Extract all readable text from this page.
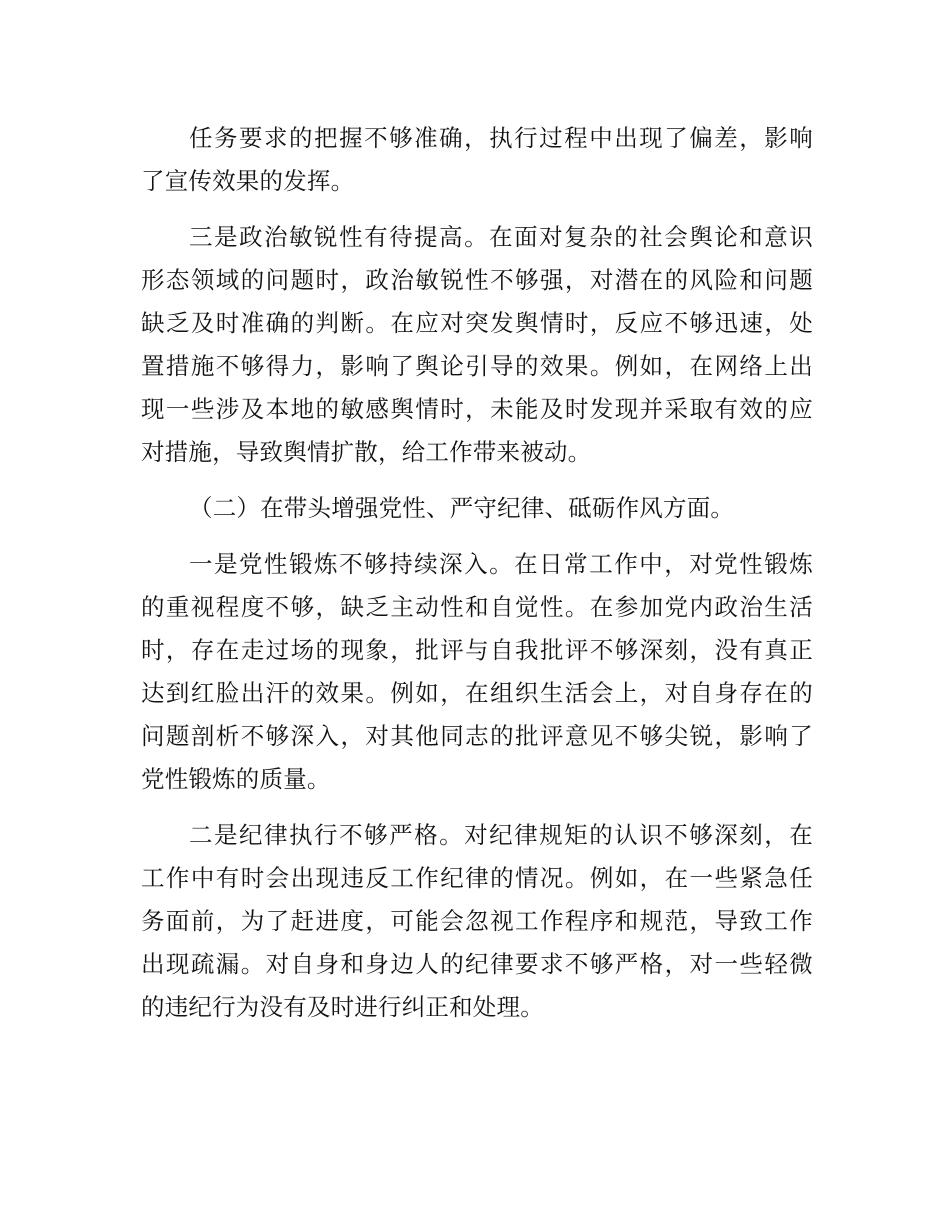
任务要求的把握不够准确，执行过程中出现了偏差，影响
了宣传效果的发挥。
三是政治敏锐性有待提高。在面对复杂的社会舆论和意识
形态领域的问题时，政治敏锐性不够强，对潜在的风险和问题
缺乏及时准确的判断。在应对突发舆情时，反应不够迅速，处
置措施不够得力，影响了舆论引导的效果。例如，在网络上出
现一些涉及本地的敏感舆情时，未能及时发现并采取有效的应
对措施，导致舆情扩散，给工作带来被动。
（二）在带头增强党性、严守纪律、砥砺作风方面。
一是党性锻炼不够持续深入。在日常工作中，对党性锻炼
的重视程度不够，缺乏主动性和自觉性。在参加党内政治生活
时，存在走过场的现象，批评与自我批评不够深刻，没有真正
达到红脸出汗的效果。例如，在组织生活会上，对自身存在的
问题剖析不够深入，对其他同志的批评意见不够尖锐，影响了
党性锻炼的质量。
二是纪律执行不够严格。对纪律规矩的认识不够深刻，在
工作中有时会出现违反工作纪律的情况。例如，在一些紧急任
务面前，为了赶进度，可能会忽视工作程序和规范，导致工作
出现疏漏。对自身和身边人的纪律要求不够严格，对一些轻微
的违纪行为没有及时进行纠正和处理。
